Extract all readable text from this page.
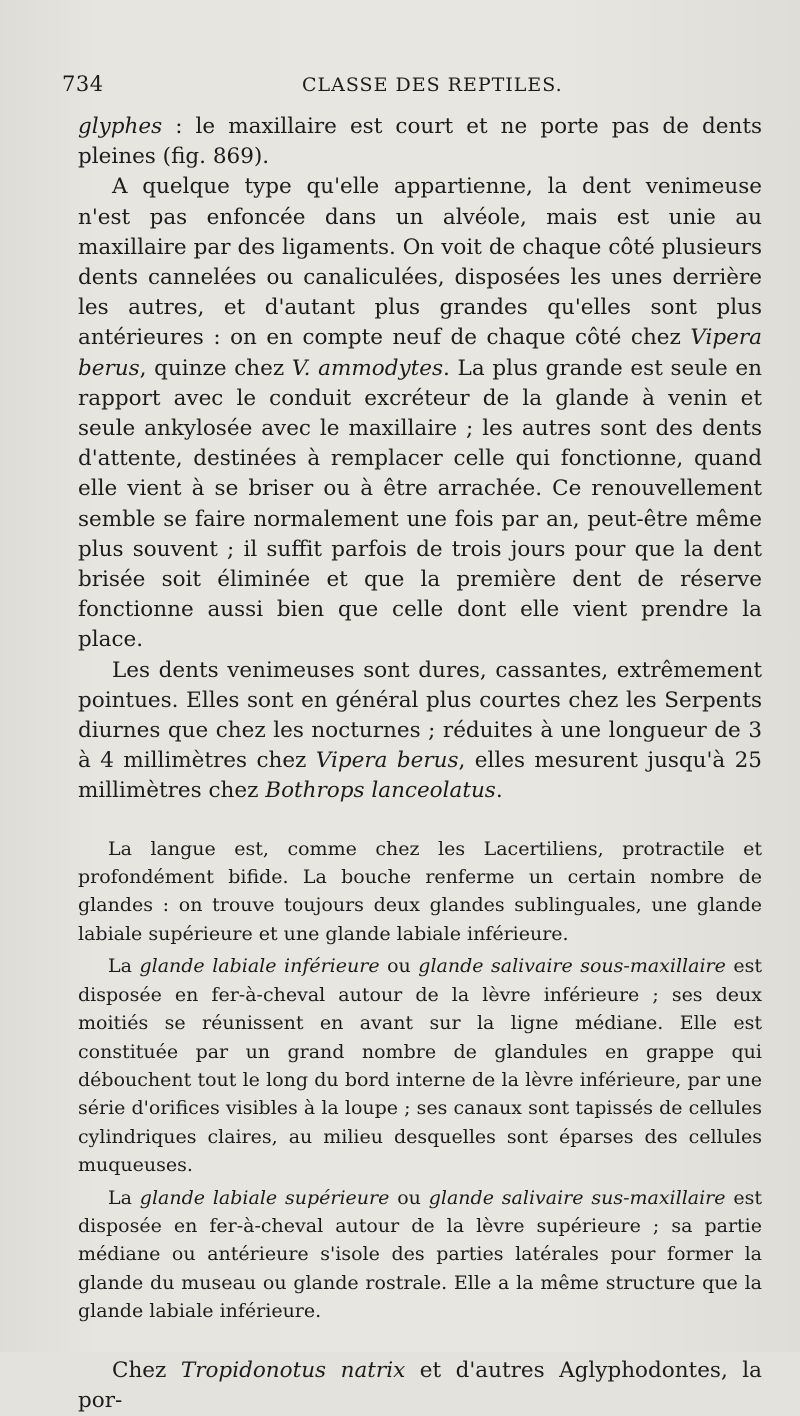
734	CLASSE DES REPTILES.

glyphes : le maxillaire est court et ne porte pas de dents pleines (fig. 869).

A quelque type qu'elle appartienne, la dent venimeuse n'est pas enfoncée dans un alvéole, mais est unie au maxillaire par des ligaments. On voit de chaque côté plusieurs dents cannelées ou canaliculées, disposées les unes derrière les autres, et d'autant plus grandes qu'elles sont plus antérieures : on en compte neuf de chaque côté chez Vipera berus, quinze chez V. ammodytes. La plus grande est seule en rapport avec le conduit excréteur de la glande à venin et seule ankylosée avec le maxillaire ; les autres sont des dents d'attente, destinées à remplacer celle qui fonctionne, quand elle vient à se briser ou à être arrachée. Ce renouvellement semble se faire normalement une fois par an, peut-être même plus souvent ; il suffit parfois de trois jours pour que la dent brisée soit éliminée et que la première dent de réserve fonctionne aussi bien que celle dont elle vient prendre la place.

Les dents venimeuses sont dures, cassantes, extrêmement pointues. Elles sont en général plus courtes chez les Serpents diurnes que chez les nocturnes ; réduites à une longueur de 3 à 4 millimètres chez Vipera berus, elles mesurent jusqu'à 25 millimètres chez Bothrops lanceolatus.

La langue est, comme chez les Lacertiliens, protractile et profondément bifide. La bouche renferme un certain nombre de glandes : on trouve toujours deux glandes sublinguales, une glande labiale supérieure et une glande labiale inférieure.

La glande labiale inférieure ou glande salivaire sous-maxillaire est disposée en fer-à-cheval autour de la lèvre inférieure ; ses deux moitiés se réunissent en avant sur la ligne médiane. Elle est constituée par un grand nombre de glandules en grappe qui débouchent tout le long du bord interne de la lèvre inférieure, par une série d'orifices visibles à la loupe ; ses canaux sont tapissés de cellules cylindriques claires, au milieu desquelles sont éparses des cellules muqueuses.

La glande labiale supérieure ou glande salivaire sus-maxillaire est disposée en fer-à-cheval autour de la lèvre supérieure ; sa partie médiane ou antérieure s'isole des parties latérales pour former la glande du museau ou glande rostrale. Elle a la même structure que la glande labiale inférieure.

Chez Tropidonotus natrix et d'autres Aglyphodontes, la por-
